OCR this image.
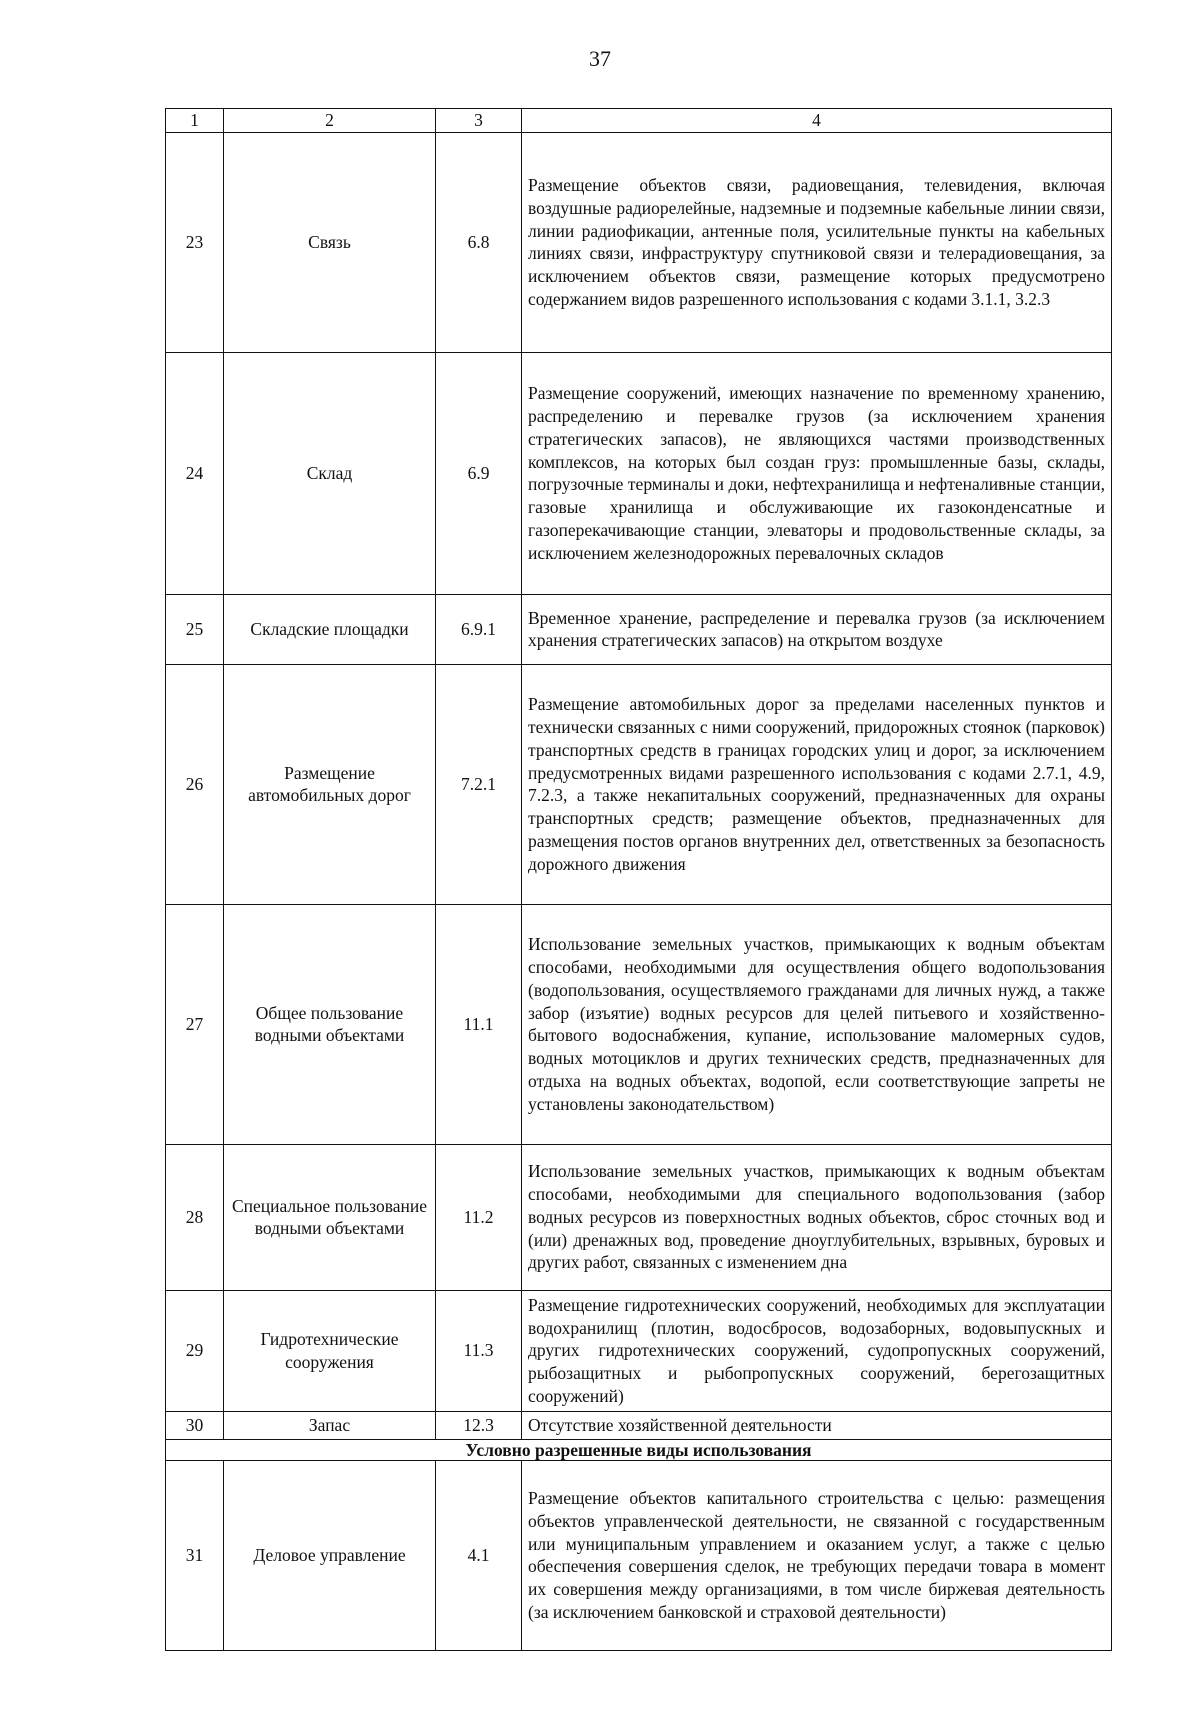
37
1	2	3	4
23	Связь	6.8	Размещение объектов связи, радиовещания, телевидения, включая воздушные радиорелейные, надземные и подземные кабельные линии связи, линии радиофикации, антенные поля, усилительные пункты на кабельных линиях связи, инфраструктуру спутниковой связи и телерадиовещания, за исключением объектов связи, размещение которых предусмотрено содержанием видов разрешенного использования с кодами 3.1.1, 3.2.3
24	Склад	6.9	Размещение сооружений, имеющих назначение по временному хранению, распределению и перевалке грузов (за исключением хранения стратегических запасов), не являющихся частями производственных комплексов, на которых был создан груз: промышленные базы, склады, погрузочные терминалы и доки, нефтехранилища и нефтеналивные станции, газовые хранилища и обслуживающие их газоконденсатные и газоперекачивающие станции, элеваторы и продовольственные склады, за исключением железнодорожных перевалочных складов
25	Складские площадки	6.9.1	Временное хранение, распределение и перевалка грузов (за исключением хранения стратегических запасов) на открытом воздухе
26	Размещение автомобильных дорог	7.2.1	Размещение автомобильных дорог за пределами населенных пунктов и технически связанных с ними сооружений, придорожных стоянок (парковок) транспортных средств в границах городских улиц и дорог, за исключением предусмотренных видами разрешенного использования с кодами 2.7.1, 4.9, 7.2.3, а также некапитальных сооружений, предназначенных для охраны транспортных средств; размещение объектов, предназначенных для размещения постов органов внутренних дел, ответственных за безопасность дорожного движения
27	Общее пользование водными объектами	11.1	Использование земельных участков, примыкающих к водным объектам способами, необходимыми для осуществления общего водопользования (водопользования, осуществляемого гражданами для личных нужд, а также забор (изъятие) водных ресурсов для целей питьевого и хозяйственно-бытового водоснабжения, купание, использование маломерных судов, водных мотоциклов и других технических средств, предназначенных для отдыха на водных объектах, водопой, если соответствующие запреты не установлены законодательством)
28	Специальное пользование водными объектами	11.2	Использование земельных участков, примыкающих к водным объектам способами, необходимыми для специального водопользования (забор водных ресурсов из поверхностных водных объектов, сброс сточных вод и (или) дренажных вод, проведение дноуглубительных, взрывных, буровых и других работ, связанных с изменением дна
29	Гидротехнические сооружения	11.3	Размещение гидротехнических сооружений, необходимых для эксплуатации водохранилищ (плотин, водосбросов, водозаборных, водовыпускных и других гидротехнических сооружений, судопропускных сооружений, рыбозащитных и рыбопропускных сооружений, берегозащитных сооружений)
30	Запас	12.3	Отсутствие хозяйственной деятельности
Условно разрешенные виды использования			
31	Деловое управление	4.1	Размещение объектов капитального строительства с целью: размещения объектов управленческой деятельности, не связанной с государственным или муниципальным управлением и оказанием услуг, а также с целью обеспечения совершения сделок, не требующих передачи товара в момент их совершения между организациями, в том числе биржевая деятельность (за исключением банковской и страховой деятельности)
